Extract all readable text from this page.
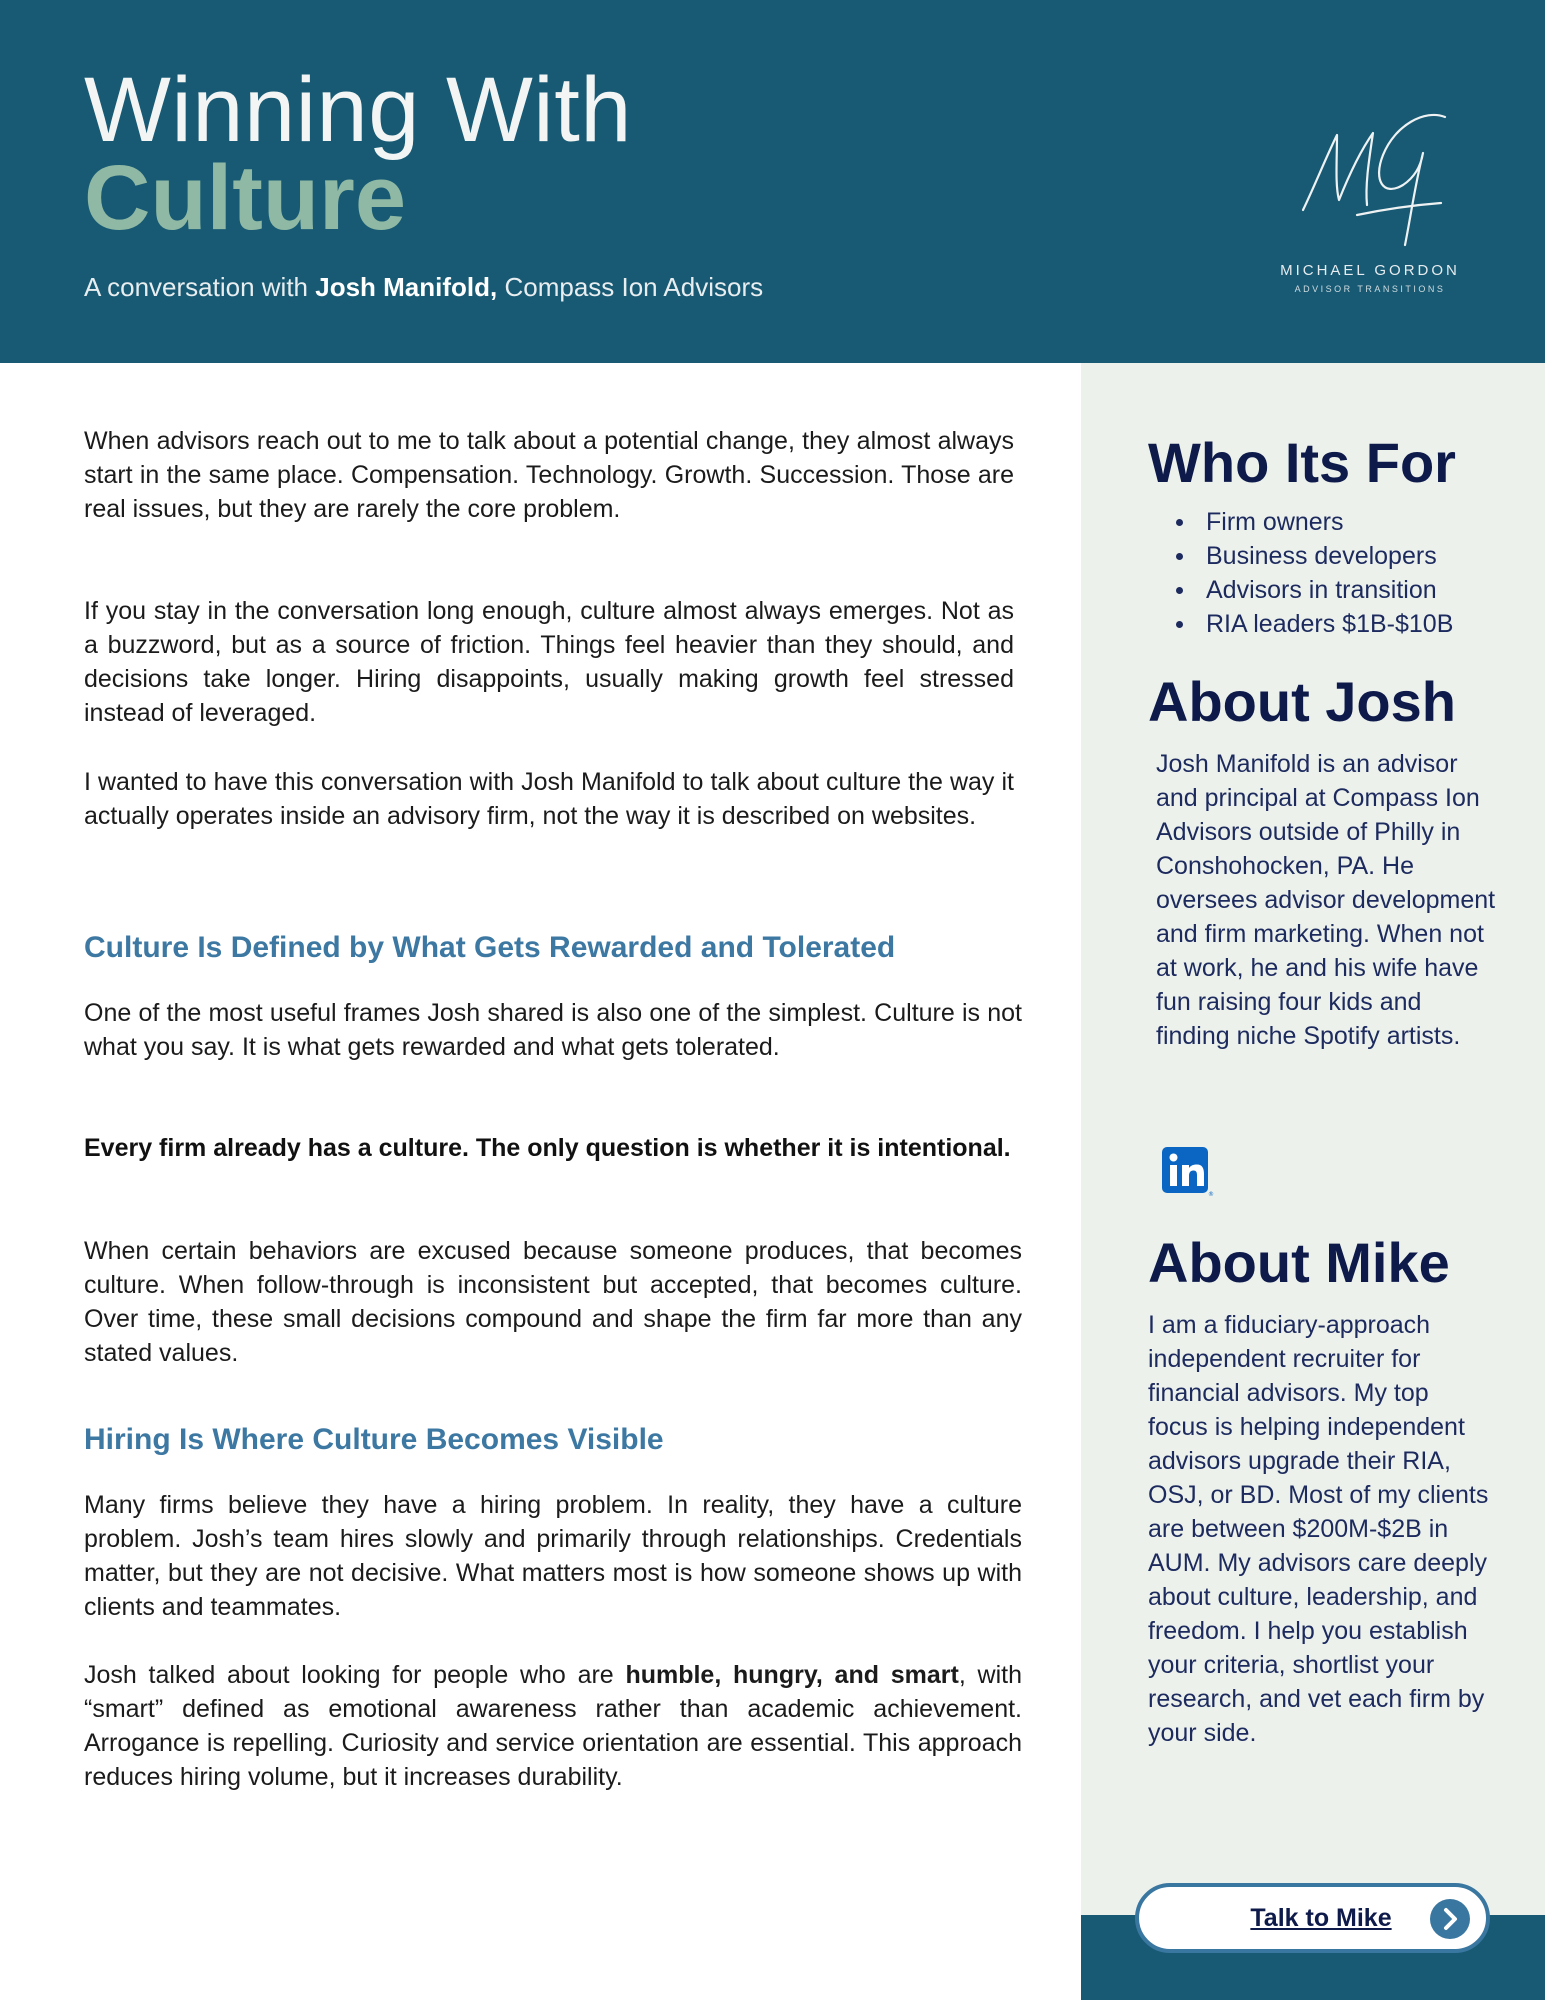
Winning With
Culture
A conversation with Josh Manifold, Compass Ion Advisors
MICHAEL GORDON
ADVISOR TRANSITIONS

When advisors reach out to me to talk about a potential change, they almost always start in the same place. Compensation. Technology. Growth. Succession. Those are real issues, but they are rarely the core problem.

If you stay in the conversation long enough, culture almost always emerges. Not as a buzzword, but as a source of friction. Things feel heavier than they should, and decisions take longer. Hiring disappoints, usually making growth feel stressed instead of leveraged.

I wanted to have this conversation with Josh Manifold to talk about culture the way it actually operates inside an advisory firm, not the way it is described on websites.

Culture Is Defined by What Gets Rewarded and Tolerated

One of the most useful frames Josh shared is also one of the simplest. Culture is not what you say. It is what gets rewarded and what gets tolerated.

Every firm already has a culture. The only question is whether it is intentional.

When certain behaviors are excused because someone produces, that becomes culture. When follow-through is inconsistent but accepted, that becomes culture. Over time, these small decisions compound and shape the firm far more than any stated values.

Hiring Is Where Culture Becomes Visible

Many firms believe they have a hiring problem. In reality, they have a culture problem. Josh’s team hires slowly and primarily through relationships. Credentials matter, but they are not decisive. What matters most is how someone shows up with clients and teammates.

Josh talked about looking for people who are humble, hungry, and smart, with “smart” defined as emotional awareness rather than academic achievement. Arrogance is repelling. Curiosity and service orientation are essential. This approach reduces hiring volume, but it increases durability.

Who Its For
Firm owners
Business developers
Advisors in transition
RIA leaders $1B-$10B
About Josh

Josh Manifold is an advisor and principal at Compass Ion Advisors outside of Philly in Conshohocken, PA. He oversees advisor development and firm marketing. When not at work, he and his wife have fun raising four kids and finding niche Spotify artists.

®
About Mike

I am a fiduciary-approach independent recruiter for financial advisors. My top focus is helping independent advisors upgrade their RIA, OSJ, or BD. Most of my clients are between $200M-$2B in AUM. My advisors care deeply about culture, leadership, and freedom. I help you establish your criteria, shortlist your research, and vet each firm by your side.

Talk to Mike
